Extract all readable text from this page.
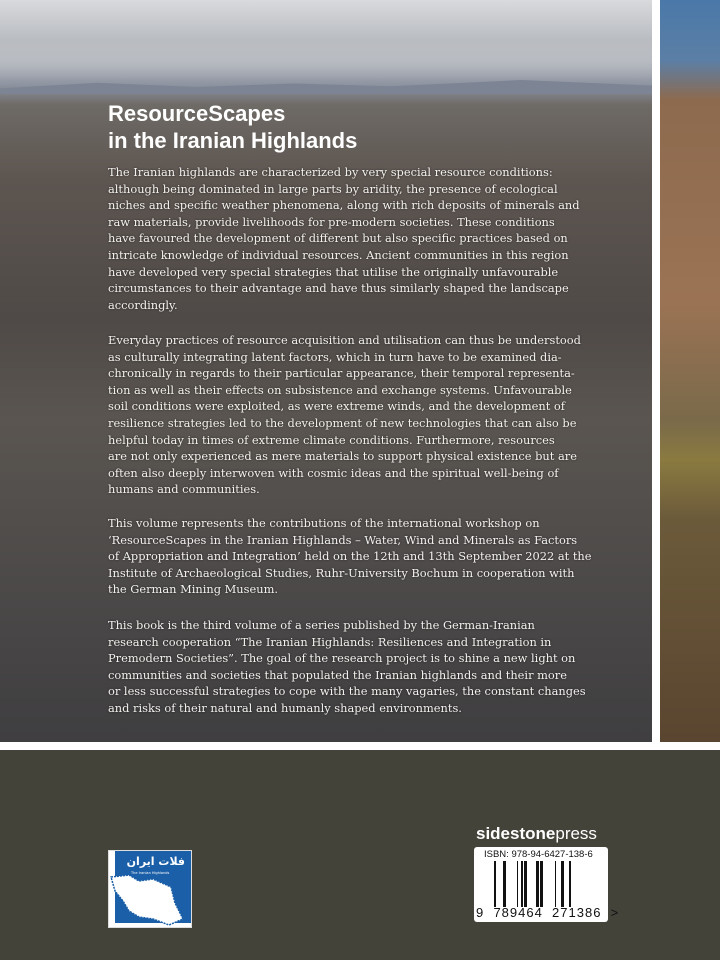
ResourceScapes
in the Iranian Highlands
The Iranian highlands are characterized by very special resource conditions:
although being dominated in large parts by aridity, the presence of ecological
niches and specific weather phenomena, along with rich deposits of minerals and
raw materials, provide livelihoods for pre-modern societies. These conditions
have favoured the development of different but also specific practices based on
intricate knowledge of individual resources. Ancient communities in this region
have developed very special strategies that utilise the originally unfavourable
circumstances to their advantage and have thus similarly shaped the landscape
accordingly.
Everyday practices of resource acquisition and utilisation can thus be understood
as culturally integrating latent factors, which in turn have to be examined dia-
chronically in regards to their particular appearance, their temporal representa-
tion as well as their effects on subsistence and exchange systems. Unfavourable
soil conditions were exploited, as were extreme winds, and the development of
resilience strategies led to the development of new technologies that can also be
helpful today in times of extreme climate conditions. Furthermore, resources
are not only experienced as mere materials to support physical existence but are
often also deeply interwoven with cosmic ideas and the spiritual well-being of
humans and communities.
This volume represents the contributions of the international workshop on
‘ResourceScapes in the Iranian Highlands – Water, Wind and Minerals as Factors
of Appropriation and Integration’ held on the 12th and 13th September 2022 at the
Institute of Archaeological Studies, Ruhr-University Bochum in cooperation with
the German Mining Museum.
This book is the third volume of a series published by the German-Iranian
research cooperation “The Iranian Highlands: Resiliences and Integration in
Premodern Societies”. The goal of the research project is to shine a new light on
communities and societies that populated the Iranian highlands and their more
or less successful strategies to cope with the many vagaries, the constant changes
and risks of their natural and humanly shaped environments.
فلات ایران
The Iranian Highlands
sidestonepress
ISBN: 978-94-6427-138-6
9  789464  271386  >
